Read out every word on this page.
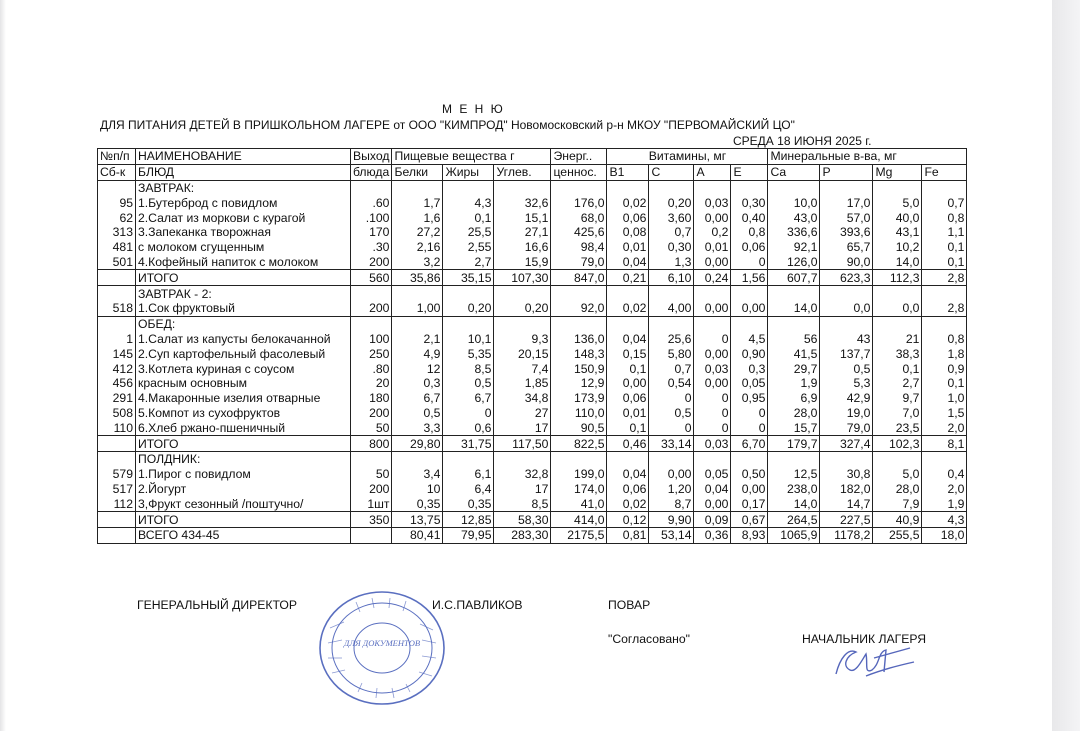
М Е Н Ю
ДЛЯ ПИТАНИЯ ДЕТЕЙ В ПРИШКОЛЬНОМ ЛАГЕРЕ от ООО "КИМПРОД" Новомосковский р-н МКОУ "ПЕРВОМАЙСКИЙ ЦО"
СРЕДА 18 ИЮНЯ 2025 г.
№п/п	НАИМЕНОВАНИЕ	Выход	Пищевые вещества г			Энерг..	Витамины, мг				Минеральные в-ва, мг			
Сб-к	БЛЮД	блюда	Белки	Жиры	Углев.	ценнос.	В1	С	А	Е	Са	Р	Mg	Fe
	ЗАВТРАК:													
95	1.Бутерброд с повидлом	.60	1,7	4,3	32,6	176,0	0,02	0,20	0,03	0,30	10,0	17,0	5,0	0,7
62	2.Салат из моркови с курагой	.100	1,6	0,1	15,1	68,0	0,06	3,60	0,00	0,40	43,0	57,0	40,0	0,8
313	3.Запеканка творожная	170	27,2	25,5	27,1	425,6	0,08	0,7	0,2	0,8	336,6	393,6	43,1	1,1
481	с молоком сгущенным	.30	2,16	2,55	16,6	98,4	0,01	0,30	0,01	0,06	92,1	65,7	10,2	0,1
501	4.Кофейный напиток с молоком	200	3,2	2,7	15,9	79,0	0,04	1,3	0,00	0	126,0	90,0	14,0	0,1
	ИТОГО	560	35,86	35,15	107,30	847,0	0,21	6,10	0,24	1,56	607,7	623,3	112,3	2,8
	ЗАВТРАК - 2:													
518	1.Сок фруктовый	200	1,00	0,20	0,20	92,0	0,02	4,00	0,00	0,00	14,0	0,0	0,0	2,8
	ОБЕД:													
1	1.Салат из капусты белокачанной	100	2,1	10,1	9,3	136,0	0,04	25,6	0	4,5	56	43	21	0,8
145	2.Суп картофельный фасолевый	250	4,9	5,35	20,15	148,3	0,15	5,80	0,00	0,90	41,5	137,7	38,3	1,8
412	3.Котлета куриная с соусом	.80	12	8,5	7,4	150,9	0,1	0,7	0,03	0,3	29,7	0,5	0,1	0,9
456	красным основным	20	0,3	0,5	1,85	12,9	0,00	0,54	0,00	0,05	1,9	5,3	2,7	0,1
291	4.Макаронные изелия отварные	180	6,7	6,7	34,8	173,9	0,06	0	0	0,95	6,9	42,9	9,7	1,0
508	5.Компот из сухофруктов	200	0,5	0	27	110,0	0,01	0,5	0	0	28,0	19,0	7,0	1,5
110	6.Хлеб ржано-пшеничный	50	3,3	0,6	17	90,5	0,1	0	0	0	15,7	79,0	23,5	2,0
	ИТОГО	800	29,80	31,75	117,50	822,5	0,46	33,14	0,03	6,70	179,7	327,4	102,3	8,1
	ПОЛДНИК:													
579	1.Пирог с повидлом	50	3,4	6,1	32,8	199,0	0,04	0,00	0,05	0,50	12,5	30,8	5,0	0,4
517	2.Йогурт	200	10	6,4	17	174,0	0,06	1,20	0,04	0,00	238,0	182,0	28,0	2,0
112	3,Фрукт сезонный /поштучно/	1шт	0,35	0,35	8,5	41,0	0,02	8,7	0,00	0,17	14,0	14,7	7,9	1,9
	ИТОГО	350	13,75	12,85	58,30	414,0	0,12	9,90	0,09	0,67	264,5	227,5	40,9	4,3
	ВСЕГО 434-45		80,41	79,95	283,30	2175,5	0,81	53,14	0,36	8,93	1065,9	1178,2	255,5	18,0
ГЕНЕРАЛЬНЫЙ ДИРЕКТОР	И.С.ПАВЛИКОВ	ПОВАР
"Согласовано"	НАЧАЛЬНИК ЛАГЕРЯ
ДЛЯ ДОКУМЕНТОВ
